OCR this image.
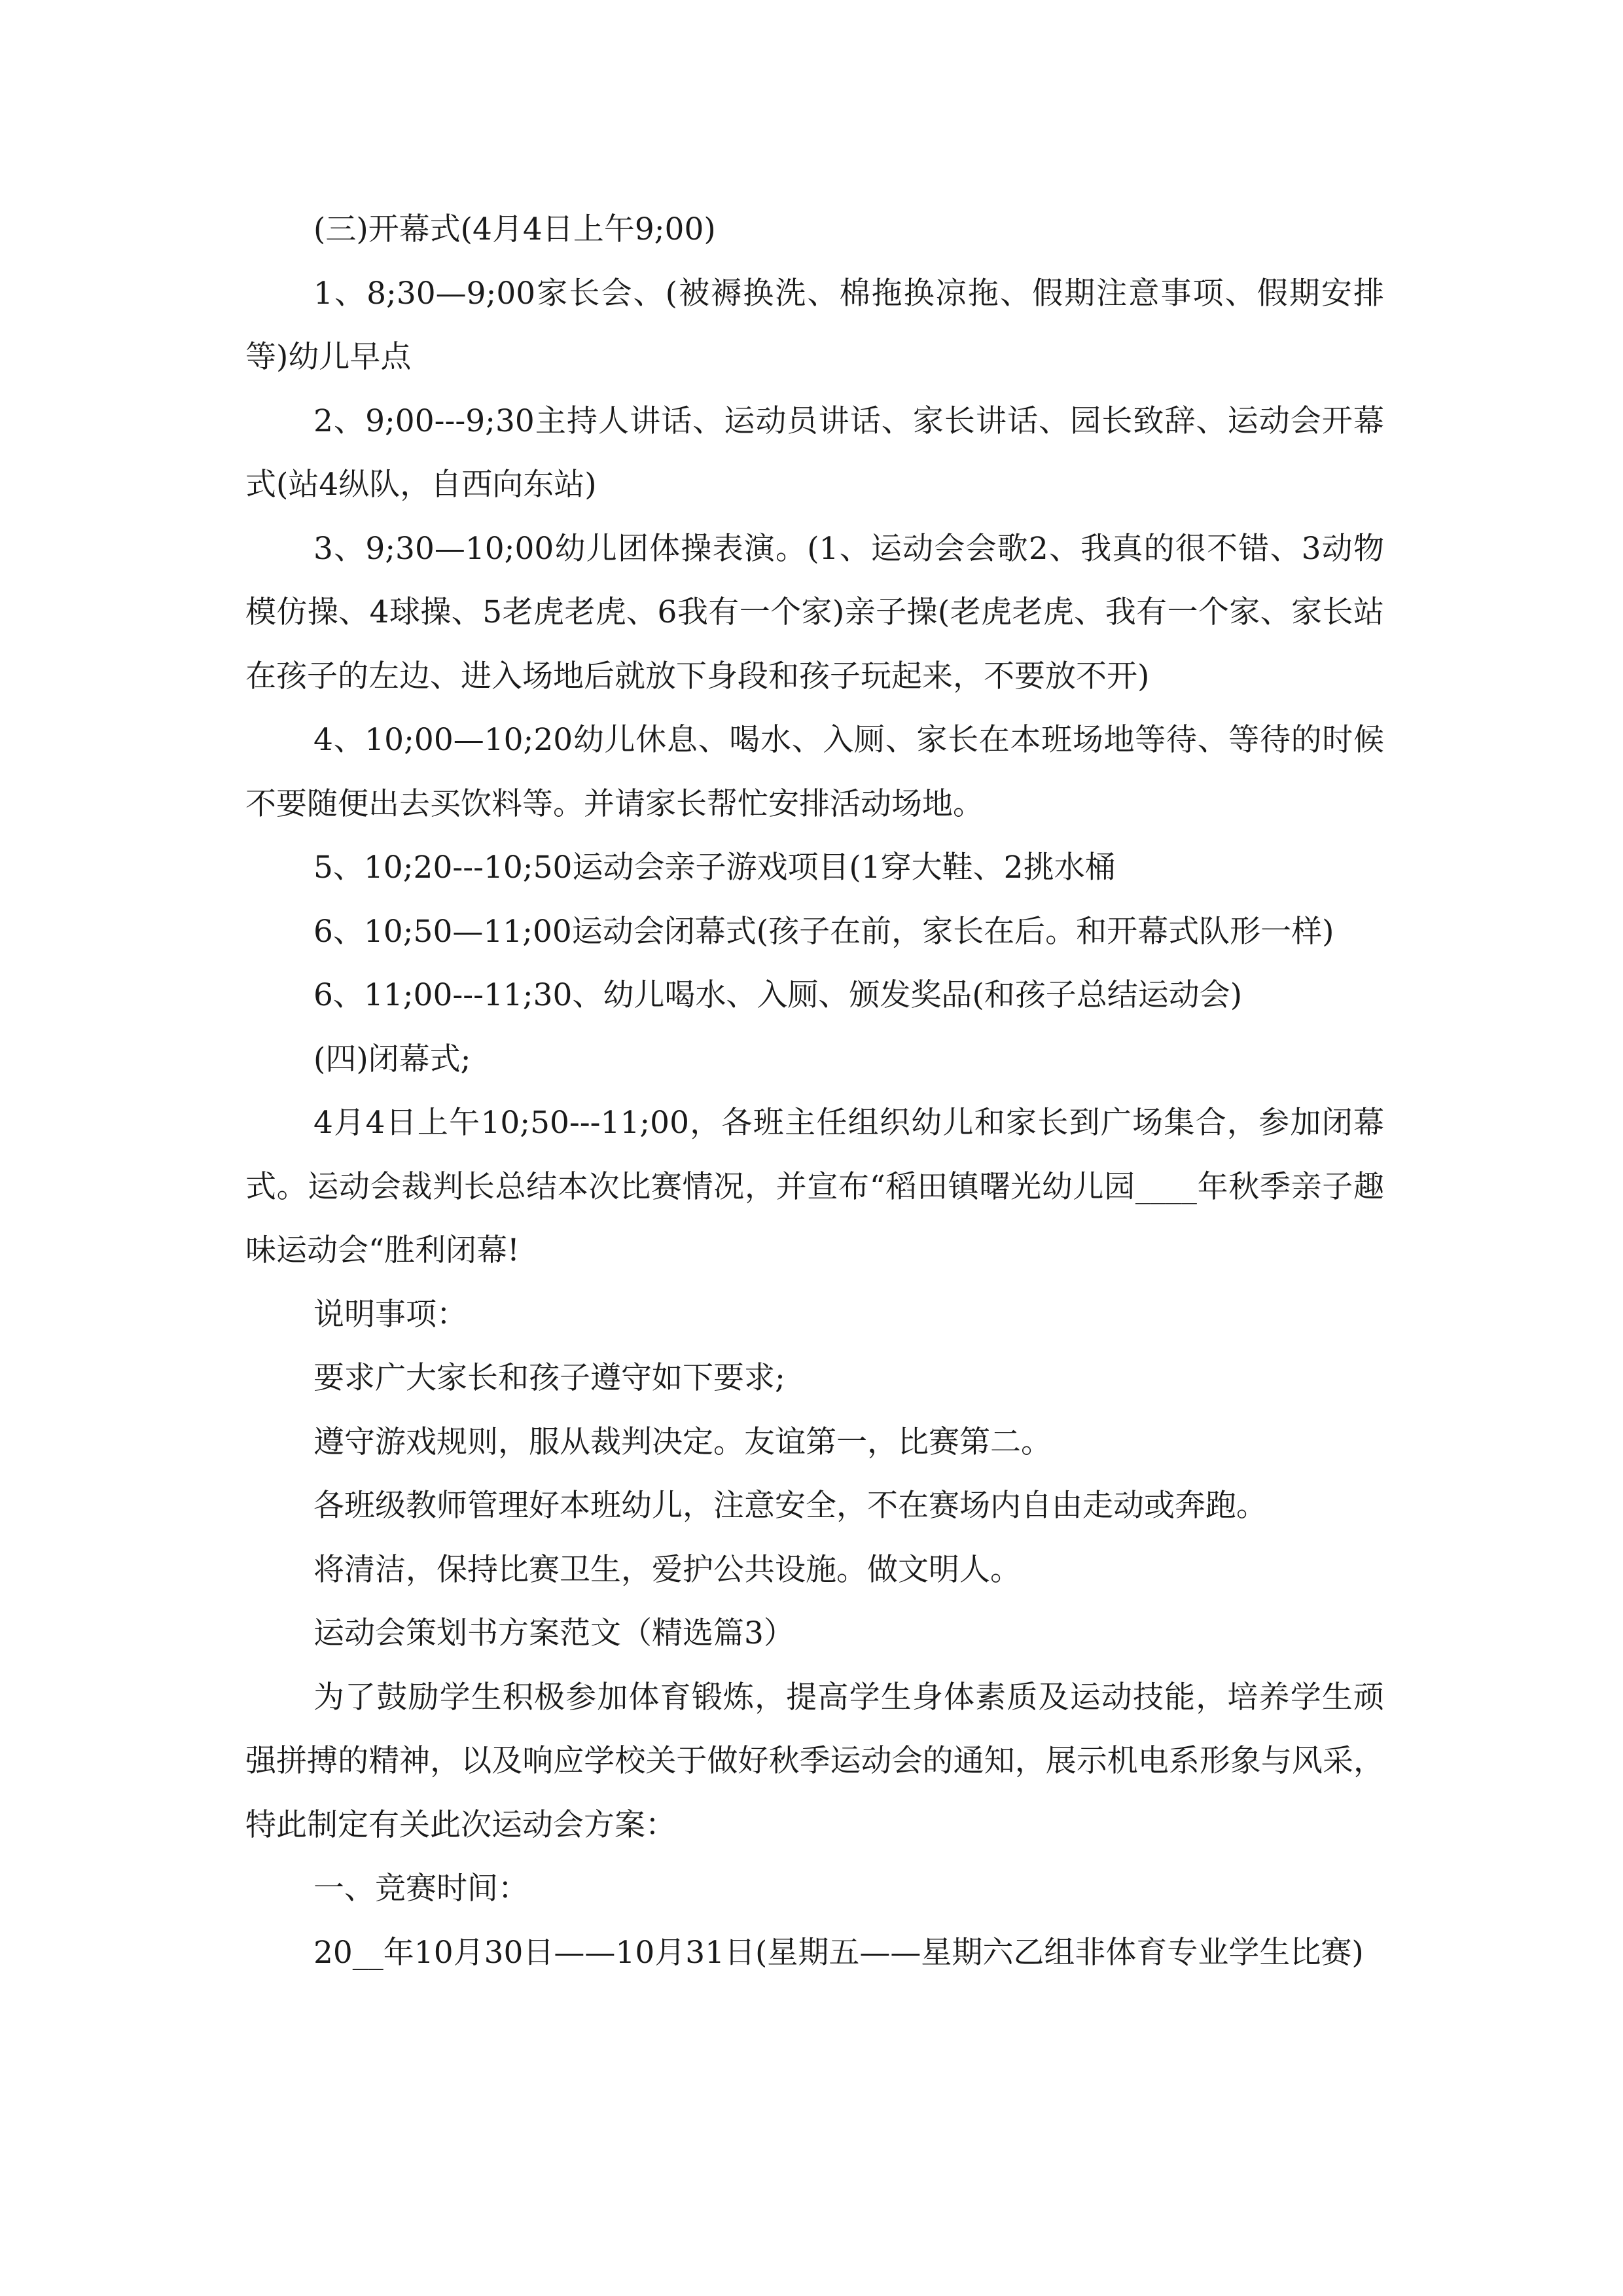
(三)开幕式(4月4日上午9;00)

1、8;30—9;00家长会、(被褥换洗、棉拖换凉拖、假期注意事项、假期安排等)幼儿早点

2、9;00---9;30主持人讲话、运动员讲话、家长讲话、园长致辞、运动会开幕式(站4纵队，自西向东站)

3、9;30—10;00幼儿团体操表演。(1、运动会会歌2、我真的很不错、3动物模仿操、4球操、5老虎老虎、6我有一个家)亲子操(老虎老虎、我有一个家、家长站在孩子的左边、进入场地后就放下身段和孩子玩起来，不要放不开)

4、10;00—10;20幼儿休息、喝水、入厕、家长在本班场地等待、等待的时候不要随便出去买饮料等。并请家长帮忙安排活动场地。

5、10;20---10;50运动会亲子游戏项目(1穿大鞋、2挑水桶

6、10;50—11;00运动会闭幕式(孩子在前，家长在后。和开幕式队形一样)

6、11;00---11;30、幼儿喝水、入厕、颁发奖品(和孩子总结运动会)

(四)闭幕式;

4月4日上午10;50---11;00，各班主任组织幼儿和家长到广场集合，参加闭幕式。运动会裁判长总结本次比赛情况，并宣布“稻田镇曙光幼儿园____年秋季亲子趣味运动会“胜利闭幕!

说明事项：

要求广大家长和孩子遵守如下要求;

遵守游戏规则，服从裁判决定。友谊第一，比赛第二。

各班级教师管理好本班幼儿，注意安全，不在赛场内自由走动或奔跑。

将清洁，保持比赛卫生，爱护公共设施。做文明人。

运动会策划书方案范文（精选篇3）

为了鼓励学生积极参加体育锻炼，提高学生身体素质及运动技能，培养学生顽强拼搏的精神，以及响应学校关于做好秋季运动会的通知，展示机电系形象与风采，特此制定有关此次运动会方案：

一、竞赛时间：

20__年10月30日——10月31日(星期五——星期六乙组非体育专业学生比赛)
